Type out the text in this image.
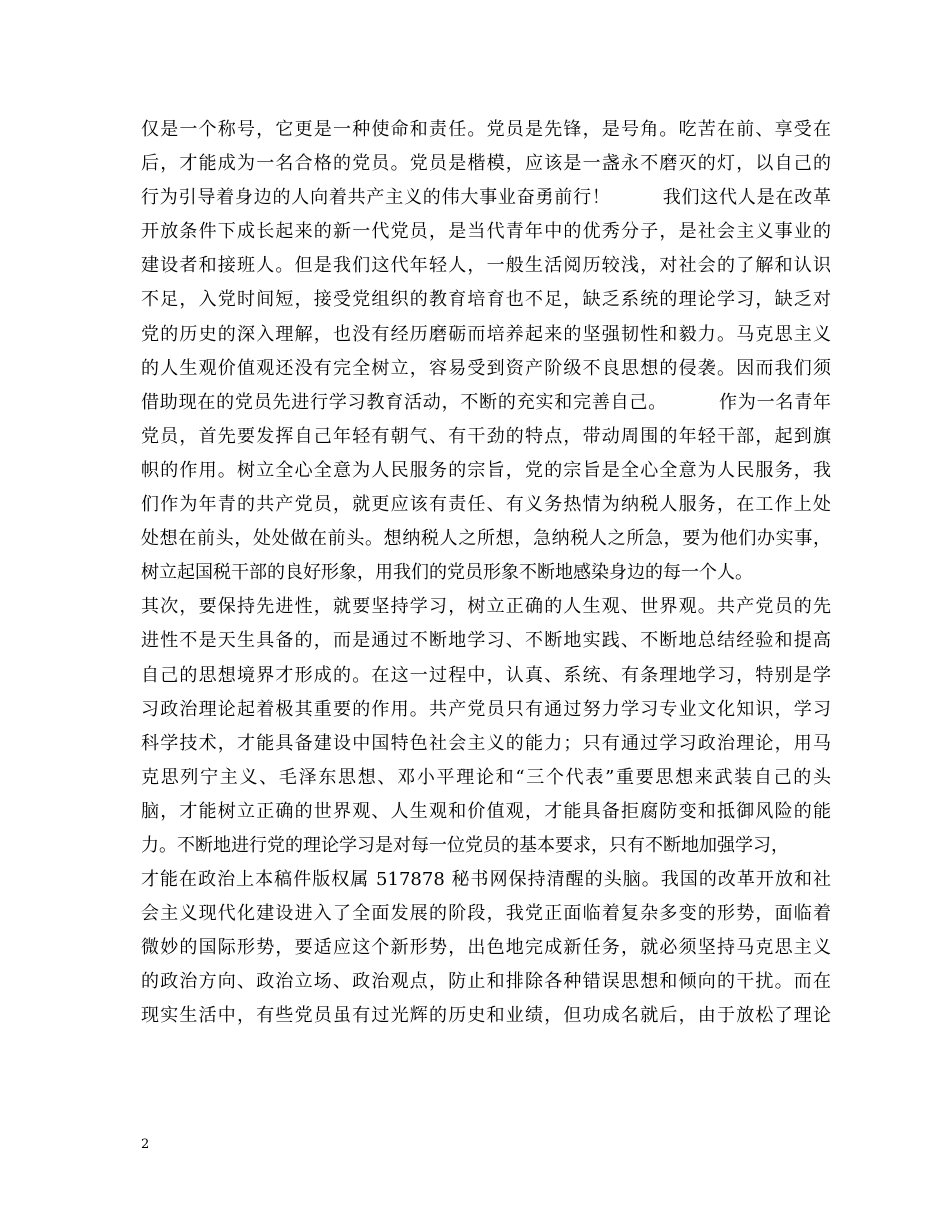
仅是一个称号，它更是一种使命和责任。党员是先锋，是号角。吃苦在前、享受在
后，才能成为一名合格的党员。党员是楷模，应该是一盏永不磨灭的灯，以自己的
行为引导着身边的人向着共产主义的伟大事业奋勇前行！        我们这代人是在改革
开放条件下成长起来的新一代党员，是当代青年中的优秀分子，是社会主义事业的
建设者和接班人。但是我们这代年轻人，一般生活阅历较浅，对社会的了解和认识
不足，入党时间短，接受党组织的教育培育也不足，缺乏系统的理论学习，缺乏对
党的历史的深入理解，也没有经历磨砺而培养起来的坚强韧性和毅力。马克思主义
的人生观价值观还没有完全树立，容易受到资产阶级不良思想的侵袭。因而我们须
借助现在的党员先进行学习教育活动，不断的充实和完善自己。        作为一名青年
党员，首先要发挥自己年轻有朝气、有干劲的特点，带动周围的年轻干部，起到旗
帜的作用。树立全心全意为人民服务的宗旨，党的宗旨是全心全意为人民服务，我
们作为年青的共产党员，就更应该有责任、有义务热情为纳税人服务，在工作上处
处想在前头，处处做在前头。想纳税人之所想，急纳税人之所急，要为他们办实事，
树立起国税干部的良好形象，用我们的党员形象不断地感染身边的每一个人。
其次，要保持先进性，就要坚持学习，树立正确的人生观、世界观。共产党员的先
进性不是天生具备的，而是通过不断地学习、不断地实践、不断地总结经验和提高
自己的思想境界才形成的。在这一过程中，认真、系统、有条理地学习，特别是学
习政治理论起着极其重要的作用。共产党员只有通过努力学习专业文化知识，学习
科学技术，才能具备建设中国特色社会主义的能力；只有通过学习政治理论，用马
克思列宁主义、毛泽东思想、邓小平理论和“三个代表”重要思想来武装自己的头
脑，才能树立正确的世界观、人生观和价值观，才能具备拒腐防变和抵御风险的能
力。不断地进行党的理论学习是对每一位党员的基本要求，只有不断地加强学习，
才能在政治上本稿件版权属 517878 秘书网保持清醒的头脑。我国的改革开放和社
会主义现代化建设进入了全面发展的阶段，我党正面临着复杂多变的形势，面临着
微妙的国际形势，要适应这个新形势，出色地完成新任务，就必须坚持马克思主义
的政治方向、政治立场、政治观点，防止和排除各种错误思想和倾向的干扰。而在
现实生活中，有些党员虽有过光辉的历史和业绩，但功成名就后，由于放松了理论
2
